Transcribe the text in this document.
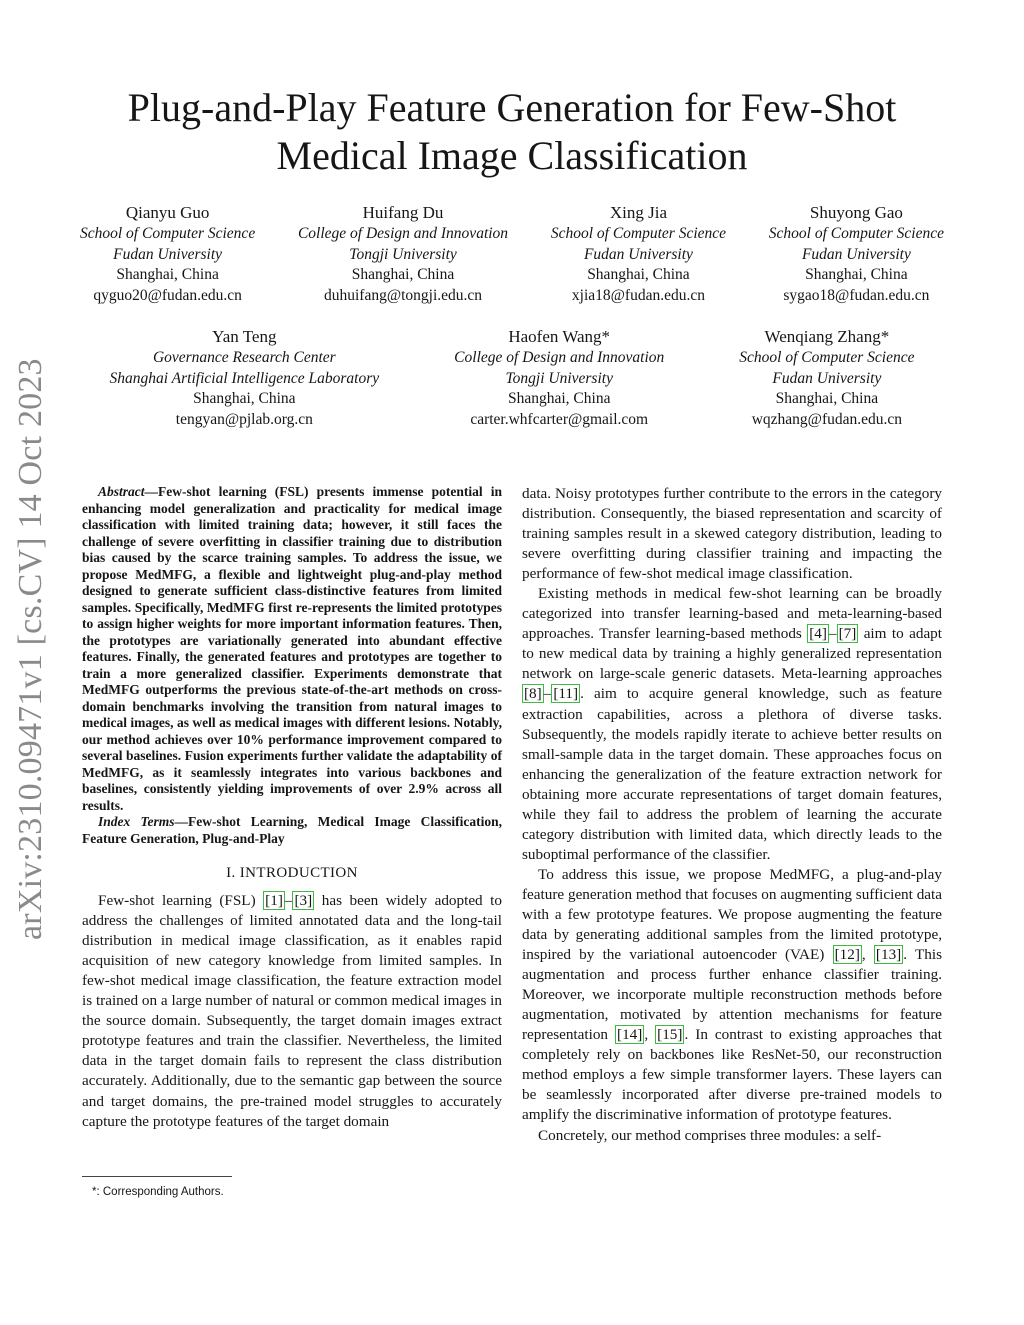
arXiv:2310.09471v1 [cs.CV] 14 Oct 2023
Plug-and-Play Feature Generation for Few-Shot
Medical Image Classification
Qianyu Guo
School of Computer Science
Fudan University
Shanghai, China
qyguo20@fudan.edu.cn
Huifang Du
College of Design and Innovation
Tongji University
Shanghai, China
duhuifang@tongji.edu.cn
Xing Jia
School of Computer Science
Fudan University
Shanghai, China
xjia18@fudan.edu.cn
Shuyong Gao
School of Computer Science
Fudan University
Shanghai, China
sygao18@fudan.edu.cn
Yan Teng
Governance Research Center
Shanghai Artificial Intelligence Laboratory
Shanghai, China
tengyan@pjlab.org.cn
Haofen Wang*
College of Design and Innovation
Tongji University
Shanghai, China
carter.whfcarter@gmail.com
Wenqiang Zhang*
School of Computer Science
Fudan University
Shanghai, China
wqzhang@fudan.edu.cn

Abstract—Few-shot learning (FSL) presents immense potential in enhancing model generalization and practicality for medical image classification with limited training data; however, it still faces the challenge of severe overfitting in classifier training due to distribution bias caused by the scarce training samples. To address the issue, we propose MedMFG, a flexible and lightweight plug-and-play method designed to generate sufficient class-distinctive features from limited samples. Specifically, MedMFG first re-represents the limited prototypes to assign higher weights for more important information features. Then, the prototypes are variationally generated into abundant effective features. Finally, the generated features and prototypes are together to train a more generalized classifier. Experiments demonstrate that MedMFG outperforms the previous state-of-the-art methods on cross-domain benchmarks involving the transition from natural images to medical images, as well as medical images with different lesions. Notably, our method achieves over 10% performance improvement compared to several baselines. Fusion experiments further validate the adaptability of MedMFG, as it seamlessly integrates into various backbones and baselines, consistently yielding improvements of over 2.9% across all results.

Index Terms—Few-shot Learning, Medical Image Classification, Feature Generation, Plug-and-Play

I. INTRODUCTION

Few-shot learning (FSL) [1] – [3] has been widely adopted to address the challenges of limited annotated data and the long-tail distribution in medical image classification, as it enables rapid acquisition of new category knowledge from limited samples. In few-shot medical image classification, the feature extraction model is trained on a large number of natural or common medical images in the source domain. Subsequently, the target domain images extract prototype features and train the classifier. Nevertheless, the limited data in the target domain fails to represent the class distribution accurately. Additionally, due to the semantic gap between the source and target domains, the pre-trained model struggles to accurately capture the prototype features of the target domain

data. Noisy prototypes further contribute to the errors in the category distribution. Consequently, the biased representation and scarcity of training samples result in a skewed category distribution, leading to severe overfitting during classifier training and impacting the performance of few-shot medical image classification.

Existing methods in medical few-shot learning can be broadly categorized into transfer learning-based and meta-learning-based approaches. Transfer learning-based methods [4] – [7] aim to adapt to new medical data by training a highly generalized representation network on large-scale generic datasets. Meta-learning approaches [8] – [11] . aim to acquire general knowledge, such as feature extraction capabilities, across a plethora of diverse tasks. Subsequently, the models rapidly iterate to achieve better results on small-sample data in the target domain. These approaches focus on enhancing the generalization of the feature extraction network for obtaining more accurate representations of target domain features, while they fail to address the problem of learning the accurate category distribution with limited data, which directly leads to the suboptimal performance of the classifier.

To address this issue, we propose MedMFG, a plug-and-play feature generation method that focuses on augmenting sufficient data with a few prototype features. We propose augmenting the feature data by generating additional samples from the limited prototype, inspired by the variational autoencoder (VAE) [12] , [13] . This augmentation and process further enhance classifier training. Moreover, we incorporate multiple reconstruction methods before augmentation, motivated by attention mechanisms for feature representation [14] , [15] . In contrast to existing approaches that completely rely on backbones like ResNet-50, our reconstruction method employs a few simple transformer layers. These layers can be seamlessly incorporated after diverse pre-trained models to amplify the discriminative information of prototype features.

Concretely, our method comprises three modules: a self-

*: Corresponding Authors.
